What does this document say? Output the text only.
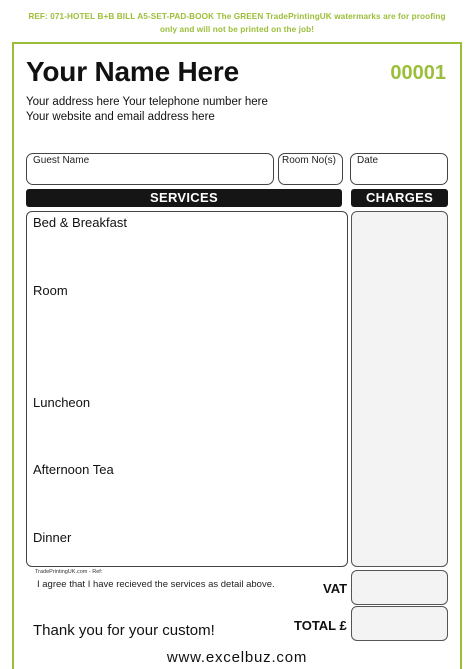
REF: 071-HOTEL B+B BILL A5-SET-PAD-BOOK The GREEN TradePrintingUK watermarks are for proofing
only and will not be printed on the job!
Your Name Here	00001
Your address here Your telephone number here
Your website and email address here
Guest Name	Room No(s) Date
SERVICES	CHARGES
Bed & Breakfast
Room
Luncheon
Afternoon Tea
Dinner
TradePrintingUK.com - Ref:
I agree that I have recieved the services as detail above.	VAT
TOTAL £
Thank you for your custom!
www.excelbuz.com
